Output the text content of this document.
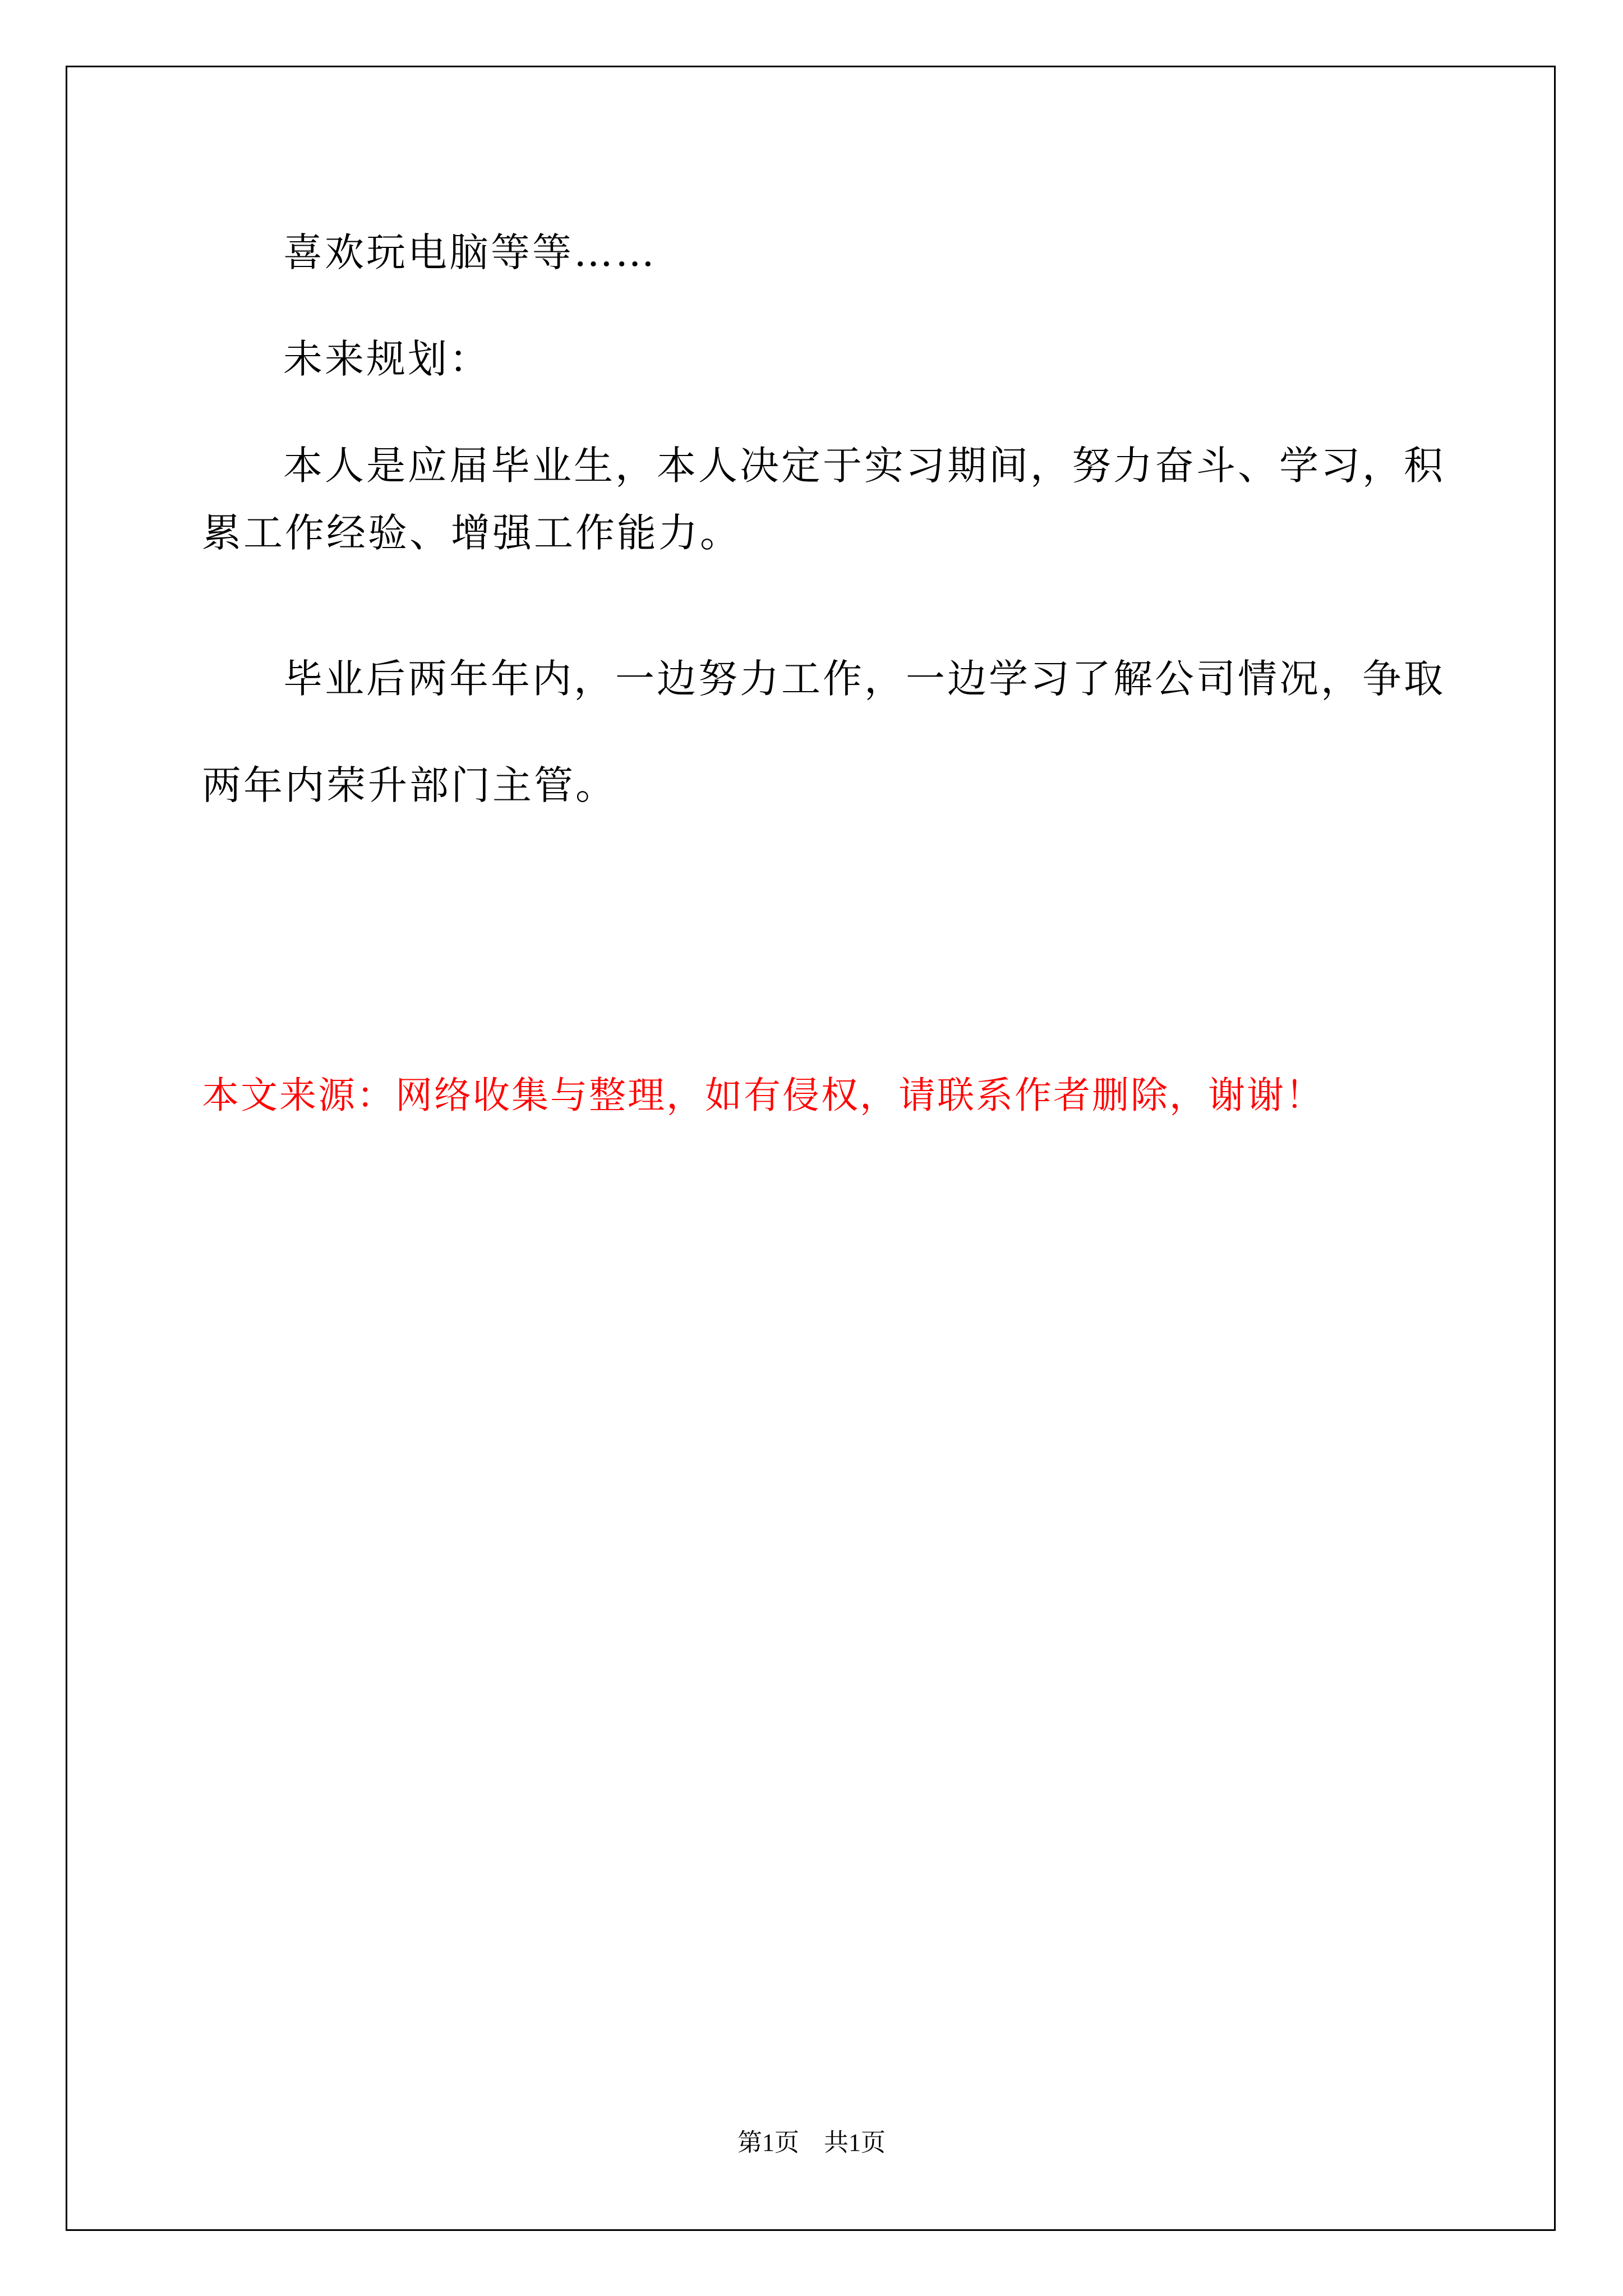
喜欢玩电脑等等……
未来规划：
本人是应届毕业生，本人决定于实习期间，努力奋斗、学习，积
累工作经验、增强工作能力。
毕业后两年年内，一边努力工作，一边学习了解公司情况，争取
两年内荣升部门主管。
本文来源：网络收集与整理，如有侵权，请联系作者删除，谢谢！
第1页　共1页
